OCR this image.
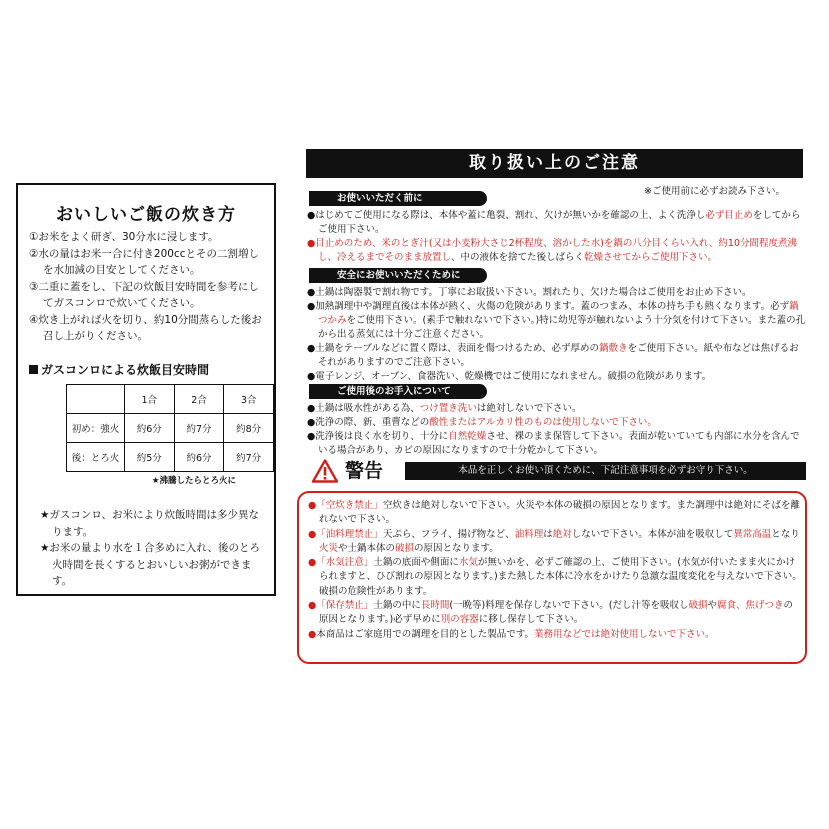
おいしいご飯の炊き方
①お米をよく研ぎ、30分水に浸します。
②水の量はお米一合に付き200ccとその二割増しを水加減の目安としてください。
③二重に蓋をし、下記の炊飯目安時間を参考にしてガスコンロで炊いてください。
④炊き上がれば火を切り、約10分間蒸らした後お召し上がりください。
ガスコンロによる炊飯目安時間
	1合	2合	3合
初め：強火	約6分	約7分	約8分
後：とろ火	約5分	約6分	約7分
★沸騰したらとろ火に
★ガスコンロ、お米により炊飯時間は多少異なります。
★お米の量より水を１合多めに入れ、後のとろ火時間を長くするとおいしいお粥ができます。
取り扱い上のご注意
※ご使用前に必ずお読み下さい。
お使いいただく前に
●はじめてご使用になる際は、本体や蓋に亀裂、割れ、欠けが無いかを確認の上、よく洗浄し必ず目止めをしてからご使用下さい。
●目止めのため、米のとぎ汁(又は小麦粉大さじ2杯程度、溶かした水)を鍋の八分目くらい入れ、約10分間程度煮沸し、冷えるまでそのまま放置し、中の液体を捨てた後しばらく乾燥させてからご使用下さい。
安全にお使いいただくために
●土鍋は陶器製で割れ物です。丁寧にお取扱い下さい。割れたり、欠けた場合はご使用をお止め下さい。
●加熱調理中や調理直後は本体が熱く、火傷の危険があります。蓋のつまみ、本体の持ち手も熱くなります。必ず鍋つかみをご使用下さい。(素手で触れないで下さい。)特に幼児等が触れないよう十分気を付けて下さい。また蓋の孔から出る蒸気には十分ご注意ください。
●土鍋をテーブルなどに置く際は、表面を傷つけるため、必ず厚めの鍋敷きをご使用下さい。紙や布などは焦げるおそれがありますのでご注意下さい。
●電子レンジ、オーブン、食器洗い、乾燥機ではご使用になれません。破損の危険があります。
ご使用後のお手入について
●土鍋は吸水性がある為、つけ置き洗いは絶対しないで下さい。
●洗浄の際、新、重曹などの酸性またはアルカリ性のものは使用しないで下さい。
●洗浄後は良く水を切り、十分に自然乾燥させ、裸のまま保管して下さい。表面が乾いていても内部に水分を含んでいる場合があり、カビの原因になりますので十分乾かして下さい。
警告	本品を正しくお使い頂くために、下記注意事項を必ずお守り下さい。
●「空炊き禁止」空炊きは絶対しないで下さい。火災や本体の破損の原因となります。また調理中は絶対にそばを離れないで下さい。
●「油料理禁止」天ぷら、フライ、揚げ物など、油料理は絶対しないで下さい。本体が油を吸収して異常高温となり火災や土鍋本体の破損の原因となります。
●「水気注意」土鍋の底面や側面に水気が無いかを、必ずご確認の上、ご使用下さい。(水気が付いたまま火にかけられますと、ひび割れの原因となります。)また熱した本体に冷水をかけたり急激な温度変化を与えないで下さい。破損の危険性があります。
●「保存禁止」土鍋の中に長時間(一晩等)料理を保存しないで下さい。(だし汁等を吸収し破損や腐食、焦げつきの原因となります。)必ず早めに別の容器に移し保存して下さい。
●本商品はご家庭用での調理を目的とした製品です。業務用などでは絶対使用しないで下さい。
